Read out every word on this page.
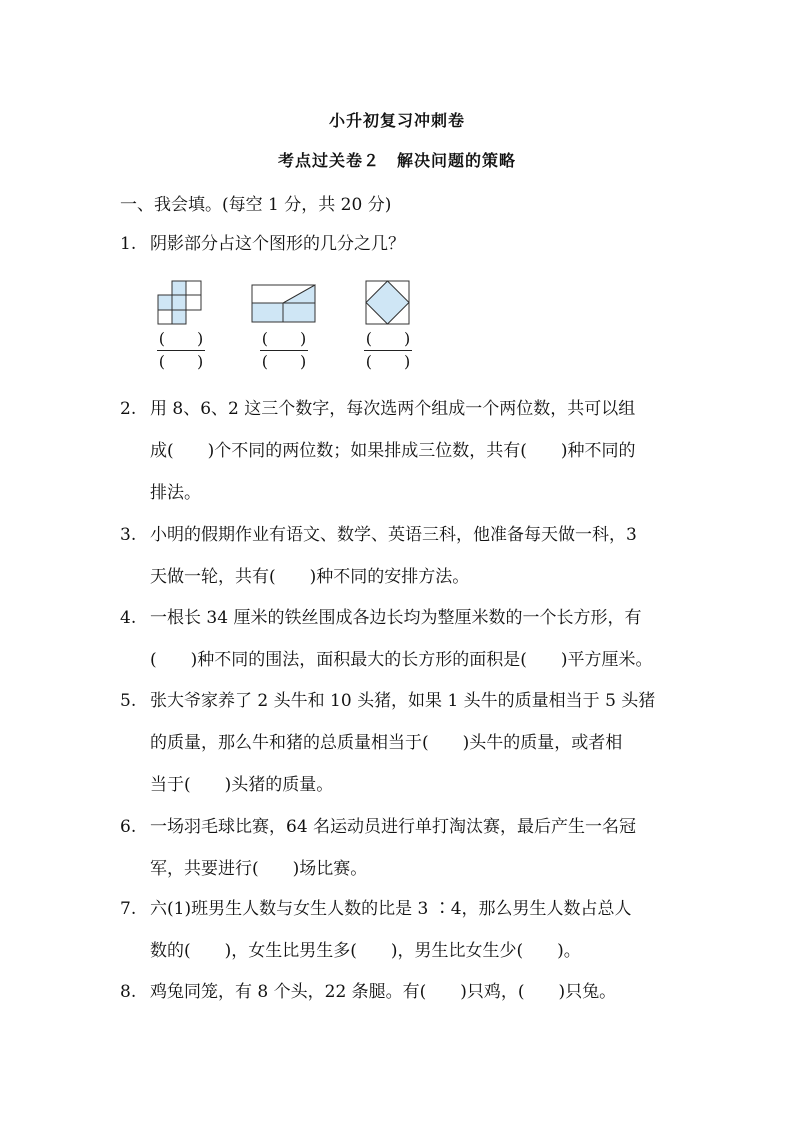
小升初复习冲刺卷
考点过关卷２　解决问题的策略
一、我会填。(每空 1 分，共 20 分)
1. 阴影部分占这个图形的几分之几？
(　　)
(　　)
(　　)
(　　)
(　　)
(　　)
2. 用 8、6、2 这三个数字，每次选两个组成一个两位数，共可以组
成(　　)个不同的两位数；如果排成三位数，共有(　　)种不同的
排法。
3. 小明的假期作业有语文、数学、英语三科，他准备每天做一科，3
天做一轮，共有(　　)种不同的安排方法。
4. 一根长 34 厘米的铁丝围成各边长均为整厘米数的一个长方形，有
(　　)种不同的围法，面积最大的长方形的面积是(　　)平方厘米。
5. 张大爷家养了 2 头牛和 10 头猪，如果 1 头牛的质量相当于 5 头猪
的质量，那么牛和猪的总质量相当于(　　)头牛的质量，或者相
当于(　　)头猪的质量。
6. 一场羽毛球比赛，64 名运动员进行单打淘汰赛，最后产生一名冠
军，共要进行(　　)场比赛。
7. 六(1)班男生人数与女生人数的比是 3 ∶4，那么男生人数占总人
数的(　　)，女生比男生多(　　)，男生比女生少(　　)。
8. 鸡兔同笼，有 8 个头，22 条腿。有(　　)只鸡，(　　)只兔。
